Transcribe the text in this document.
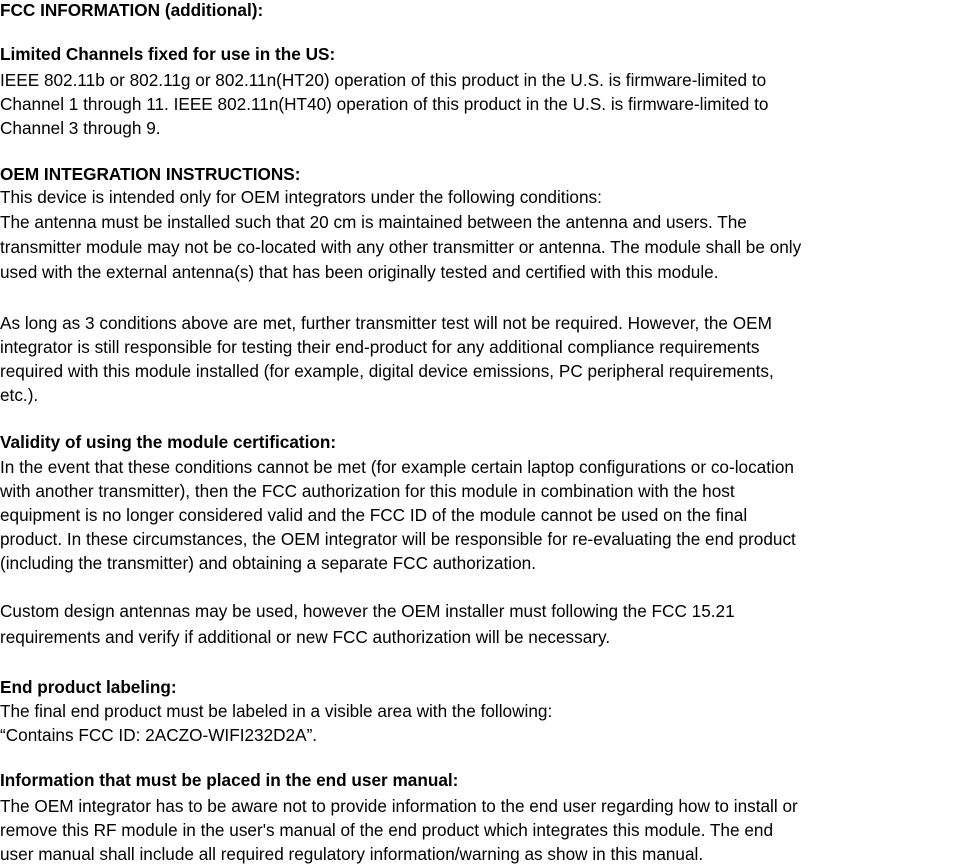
FCC INFORMATION (additional):

Limited Channels fixed for use in the US:

IEEE 802.11b or 802.11g or 802.11n(HT20) operation of this product in the U.S. is firmware-limited to

Channel 1 through 11. IEEE 802.11n(HT40) operation of this product in the U.S. is firmware-limited to

Channel 3 through 9.

OEM INTEGRATION INSTRUCTIONS:

This device is intended only for OEM integrators under the following conditions:

The antenna must be installed such that 20 cm is maintained between the antenna and users. The

transmitter module may not be co-located with any other transmitter or antenna. The module shall be only

used with the external antenna(s) that has been originally tested and certified with this module.

As long as 3 conditions above are met, further transmitter test will not be required. However, the OEM

integrator is still responsible for testing their end-product for any additional compliance requirements

required with this module installed (for example, digital device emissions, PC peripheral requirements,

etc.).

Validity of using the module certification:

In the event that these conditions cannot be met (for example certain laptop configurations or co-location

with another transmitter), then the FCC authorization for this module in combination with the host

equipment is no longer considered valid and the FCC ID of the module cannot be used on the final

product. In these circumstances, the OEM integrator will be responsible for re-evaluating the end product

(including the transmitter) and obtaining a separate FCC authorization.

Custom design antennas may be used, however the OEM installer must following the FCC 15.21

requirements and verify if additional or new FCC authorization will be necessary.

End product labeling:

The final end product must be labeled in a visible area with the following:

“Contains FCC ID: 2ACZO-WIFI232D2A”.

Information that must be placed in the end user manual:

The OEM integrator has to be aware not to provide information to the end user regarding how to install or

remove this RF module in the user's manual of the end product which integrates this module. The end

user manual shall include all required regulatory information/warning as show in this manual.
